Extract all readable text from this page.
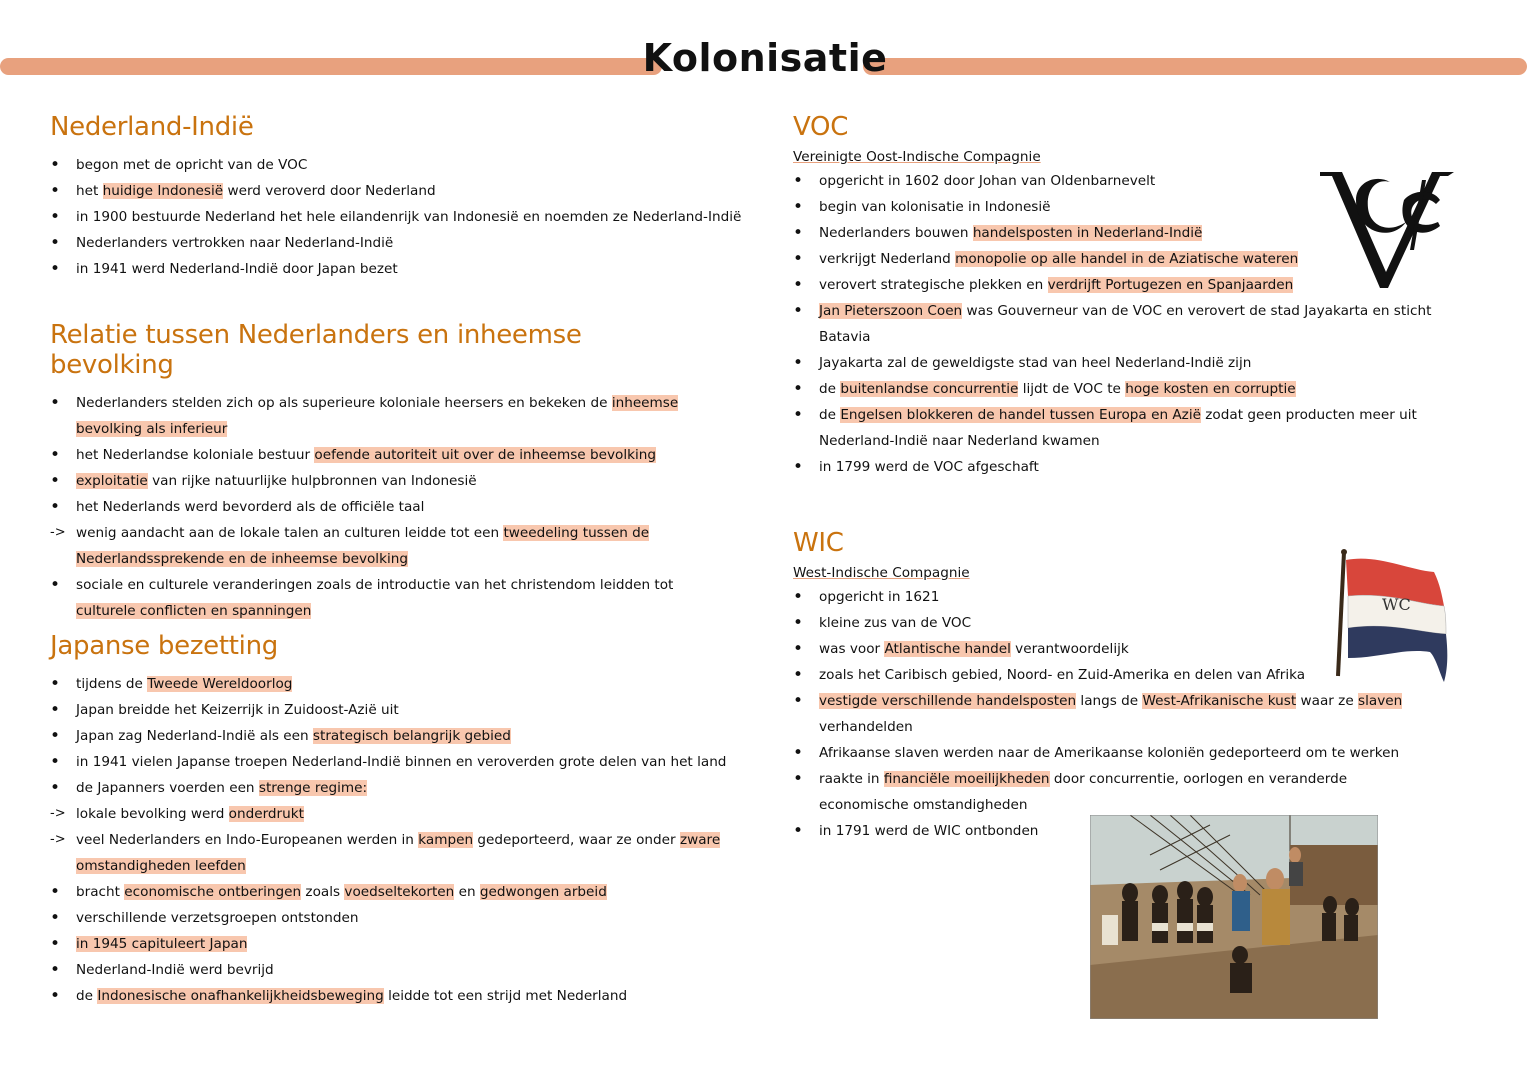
Kolonisatie
Nederland-Indië
• begon met de opricht van de VOC
• het huidige Indonesië werd veroverd door Nederland
• in 1900 bestuurde Nederland het hele eilandenrijk van Indonesië en noemden ze Nederland-Indië
• Nederlanders vertrokken naar Nederland-Indië
• in 1941 werd Nederland-Indië door Japan bezet
Relatie tussen Nederlanders en inheemse bevolking
• Nederlanders stelden zich op als superieure koloniale heersers en bekeken de inheemse bevolking als inferieur
• het Nederlandse koloniale bestuur oefende autoriteit uit over de inheemse bevolking
• exploitatie van rijke natuurlijke hulpbronnen van Indonesië
• het Nederlands werd bevorderd als de officiële taal
-> wenig aandacht aan de lokale talen an culturen leidde tot een tweedeling tussen de Nederlandssprekende en de inheemse bevolking
• sociale en culturele veranderingen zoals de introductie van het christendom leidden tot culturele conflicten en spanningen
Japanse bezetting
• tijdens de Tweede Wereldoorlog
• Japan breidde het Keizerrijk in Zuidoost-Azië uit
• Japan zag Nederland-Indië als een strategisch belangrijk gebied
• in 1941 vielen Japanse troepen Nederland-Indië binnen en veroverden grote delen van het land
• de Japanners voerden een strenge regime:
-> lokale bevolking werd onderdrukt
-> veel Nederlanders en Indo-Europeanen werden in kampen gedeporteerd, waar ze onder zware omstandigheden leefden
• bracht economische ontberingen zoals voedseltekorten en gedwongen arbeid
• verschillende verzetsgroepen ontstonden
• in 1945 capituleert Japan
• Nederland-Indië werd bevrijd
• de Indonesische onafhankelijkheidsbeweging leidde tot een strijd met Nederland
VOC
Vereinigte Oost-Indische Compagnie
• opgericht in 1602 door Johan van Oldenbarnevelt
• begin van kolonisatie in Indonesië
• Nederlanders bouwen handelsposten in Nederland-Indië
• verkrijgt Nederland monopolie op alle handel in de Aziatische wateren
• verovert strategische plekken en verdrijft Portugezen en Spanjaarden
• Jan Pieterszoon Coen was Gouverneur van de VOC en verovert de stad Jayakarta en sticht Batavia
• Jayakarta zal de geweldigste stad van heel Nederland-Indië zijn
• de buitenlandse concurrentie lijdt de VOC te hoge kosten en corruptie
• de Engelsen blokkeren de handel tussen Europa en Azië zodat geen producten meer uit Nederland-Indië naar Nederland kwamen
• in 1799 werd de VOC afgeschaft
WIC
West-Indische Compagnie
• opgericht in 1621
• kleine zus van de VOC
• was voor Atlantische handel verantwoordelijk
• zoals het Caribisch gebied, Noord- en Zuid-Amerika en delen van Afrika
• vestigde verschillende handelsposten langs de West-Afrikanische kust waar ze slaven verhandelden
• Afrikaanse slaven werden naar de Amerikaanse koloniën gedeporteerd om te werken
• raakte in financiële moeilijkheden door concurrentie, oorlogen en veranderde economische omstandigheden
• in 1791 werd de WIC ontbonden
WC
